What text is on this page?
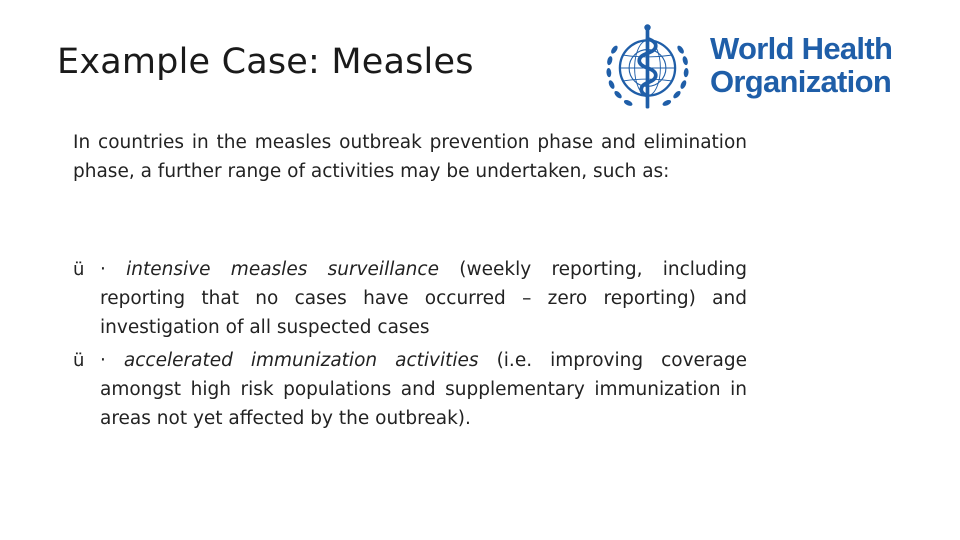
Example Case: Measles	World Health
Organization
In countries in the measles outbreak prevention phase and elimination phase, a further range of activities may be undertaken, such as:
ü · intensive measles surveillance (weekly reporting, including reporting that no cases have occurred – zero reporting) and investigation of all suspected cases
ü · accelerated immunization activities (i.e. improving coverage amongst high risk populations and supplementary immunization in areas not yet affected by the outbreak).
